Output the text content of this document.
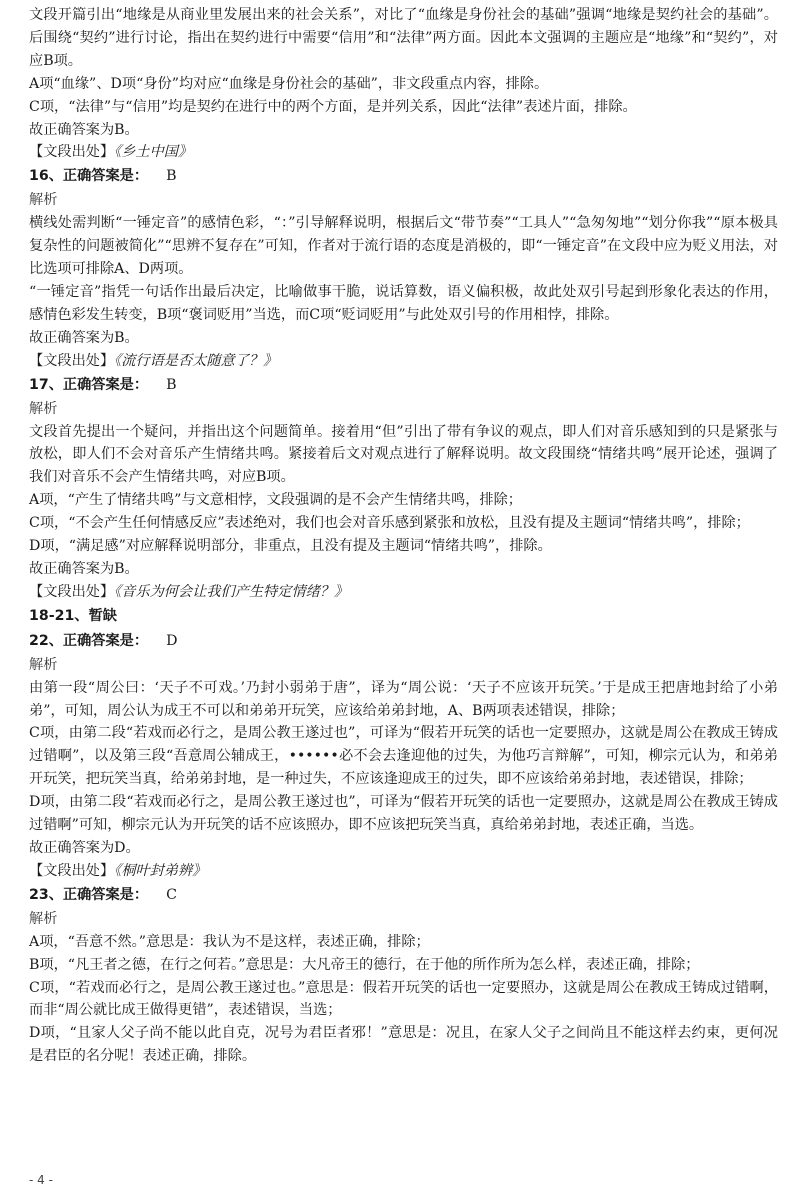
文段开篇引出“地缘是从商业里发展出来的社会关系”，对比了“血缘是身份社会的基础”强调“地缘是契约社会的基础”。后围绕“契约”进行讨论，指出在契约进行中需要“信用”和“法律”两方面。因此本文强调的主题应是“地缘”和“契约”，对应B项。

A项“血缘”、D项“身份”均对应“血缘是身份社会的基础”，非文段重点内容，排除。

C项，“法律”与“信用”均是契约在进行中的两个方面，是并列关系，因此“法律”表述片面，排除。

故正确答案为B。

【文段出处】《乡土中国》

16、正确答案是： B

解析

横线处需判断“一锤定音”的感情色彩，“：”引导解释说明，根据后文“带节奏”“工具人”“急匆匆地”“划分你我”“原本极具复杂性的问题被简化”“思辨不复存在”可知，作者对于流行语的态度是消极的，即“一锤定音”在文段中应为贬义用法，对比选项可排除A、D两项。

“一锤定音”指凭一句话作出最后决定，比喻做事干脆，说话算数，语义偏积极，故此处双引号起到形象化表达的作用，感情色彩发生转变，B项“褒词贬用”当选，而C项“贬词贬用”与此处双引号的作用相悖，排除。

故正确答案为B。

【文段出处】《流行语是否太随意了？》

17、正确答案是： B

解析

文段首先提出一个疑问，并指出这个问题简单。接着用“但”引出了带有争议的观点，即人们对音乐感知到的只是紧张与放松，即人们不会对音乐产生情绪共鸣。紧接着后文对观点进行了解释说明。故文段围绕“情绪共鸣”展开论述，强调了我们对音乐不会产生情绪共鸣，对应B项。

A项，“产生了情绪共鸣”与文意相悖，文段强调的是不会产生情绪共鸣，排除；

C项，“不会产生任何情感反应”表述绝对，我们也会对音乐感到紧张和放松，且没有提及主题词“情绪共鸣”，排除；

D项，“满足感”对应解释说明部分，非重点，且没有提及主题词“情绪共鸣”，排除。

故正确答案为B。

【文段出处】《音乐为何会让我们产生特定情绪？》

18-21、暂缺

22、正确答案是： D

解析

由第一段“周公曰：‘天子不可戏。’乃封小弱弟于唐”，译为“周公说：‘天子不应该开玩笑。’于是成王把唐地封给了小弟弟”，可知，周公认为成王不可以和弟弟开玩笑，应该给弟弟封地，A、B两项表述错误，排除；

C项，由第二段“若戏而必行之，是周公教王遂过也”，可译为“假若开玩笑的话也一定要照办，这就是周公在教成王铸成过错啊”，以及第三段“吾意周公辅成王，••••••必不会去逢迎他的过失，为他巧言辩解”，可知，柳宗元认为，和弟弟开玩笑，把玩笑当真，给弟弟封地，是一种过失，不应该逢迎成王的过失，即不应该给弟弟封地，表述错误，排除；

D项，由第二段“若戏而必行之，是周公教王遂过也”，可译为“假若开玩笑的话也一定要照办，这就是周公在教成王铸成过错啊”可知，柳宗元认为开玩笑的话不应该照办，即不应该把玩笑当真，真给弟弟封地，表述正确，当选。

故正确答案为D。

【文段出处】《桐叶封弟辨》

23、正确答案是： C

解析

A项，“吾意不然。”意思是：我认为不是这样，表述正确，排除；

B项，“凡王者之德，在行之何若。”意思是：大凡帝王的德行，在于他的所作所为怎么样，表述正确，排除；

C项，“若戏而必行之，是周公教王遂过也。”意思是：假若开玩笑的话也一定要照办，这就是周公在教成王铸成过错啊，而非“周公就比成王做得更错”，表述错误，当选；

D项，“且家人父子尚不能以此自克，况号为君臣者邪！”意思是：况且，在家人父子之间尚且不能这样去约束，更何况是君臣的名分呢！表述正确，排除。

- 4 -
